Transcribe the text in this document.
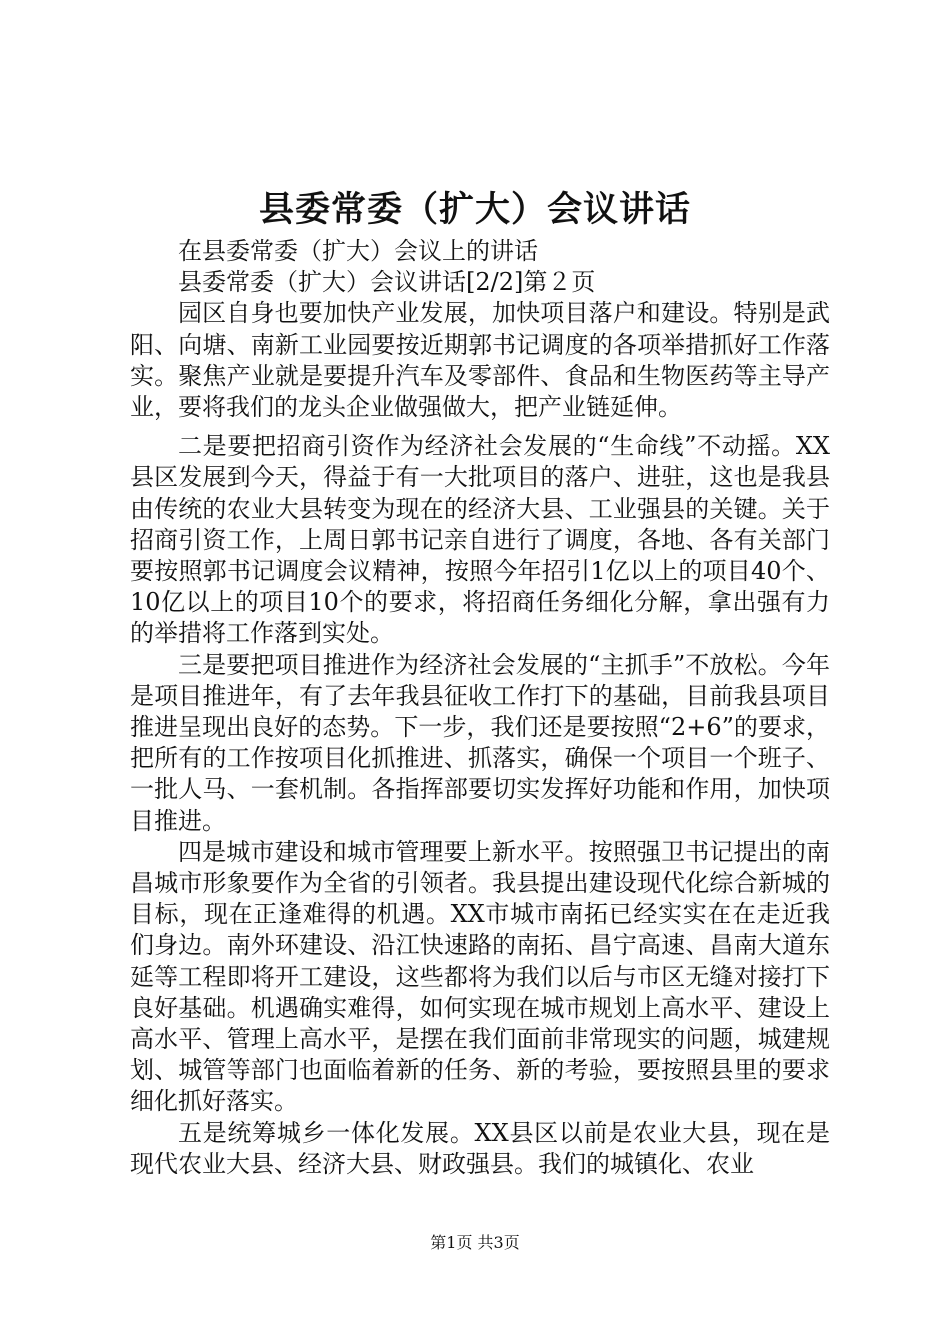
县委常委（扩大）会议讲话

在县委常委（扩大）会议上的讲话

县委常委（扩大）会议讲话[2/2]第２页

园区自身也要加快产业发展，加快项目落户和建设。特别是武阳、向塘、南新工业园要按近期郭书记调度的各项举措抓好工作落实。聚焦产业就是要提升汽车及零部件、食品和生物医药等主导产业，要将我们的龙头企业做强做大，把产业链延伸。

二是要把招商引资作为经济社会发展的“生命线”不动摇。XX县区发展到今天，得益于有一大批项目的落户、进驻，这也是我县由传统的农业大县转变为现在的经济大县、工业强县的关键。关于招商引资工作，上周日郭书记亲自进行了调度，各地、各有关部门要按照郭书记调度会议精神，按照今年招引1亿以上的项目40个、10亿以上的项目10个的要求，将招商任务细化分解，拿出强有力的举措将工作落到实处。

三是要把项目推进作为经济社会发展的“主抓手”不放松。今年是项目推进年，有了去年我县征收工作打下的基础，目前我县项目推进呈现出良好的态势。下一步，我们还是要按照“2+6”的要求，把所有的工作按项目化抓推进、抓落实，确保一个项目一个班子、一批人马、一套机制。各指挥部要切实发挥好功能和作用，加快项目推进。

四是城市建设和城市管理要上新水平。按照强卫书记提出的南昌城市形象要作为全省的引领者。我县提出建设现代化综合新城的目标，现在正逢难得的机遇。XX市城市南拓已经实实在在走近我们身边。南外环建设、沿江快速路的南拓、昌宁高速、昌南大道东延等工程即将开工建设，这些都将为我们以后与市区无缝对接打下良好基础。机遇确实难得，如何实现在城市规划上高水平、建设上高水平、管理上高水平，是摆在我们面前非常现实的问题，城建规划、城管等部门也面临着新的任务、新的考验，要按照县里的要求细化抓好落实。

五是统筹城乡一体化发展。XX县区以前是农业大县，现在是现代农业大县、经济大县、财政强县。我们的城镇化、农业

第1页 共3页
